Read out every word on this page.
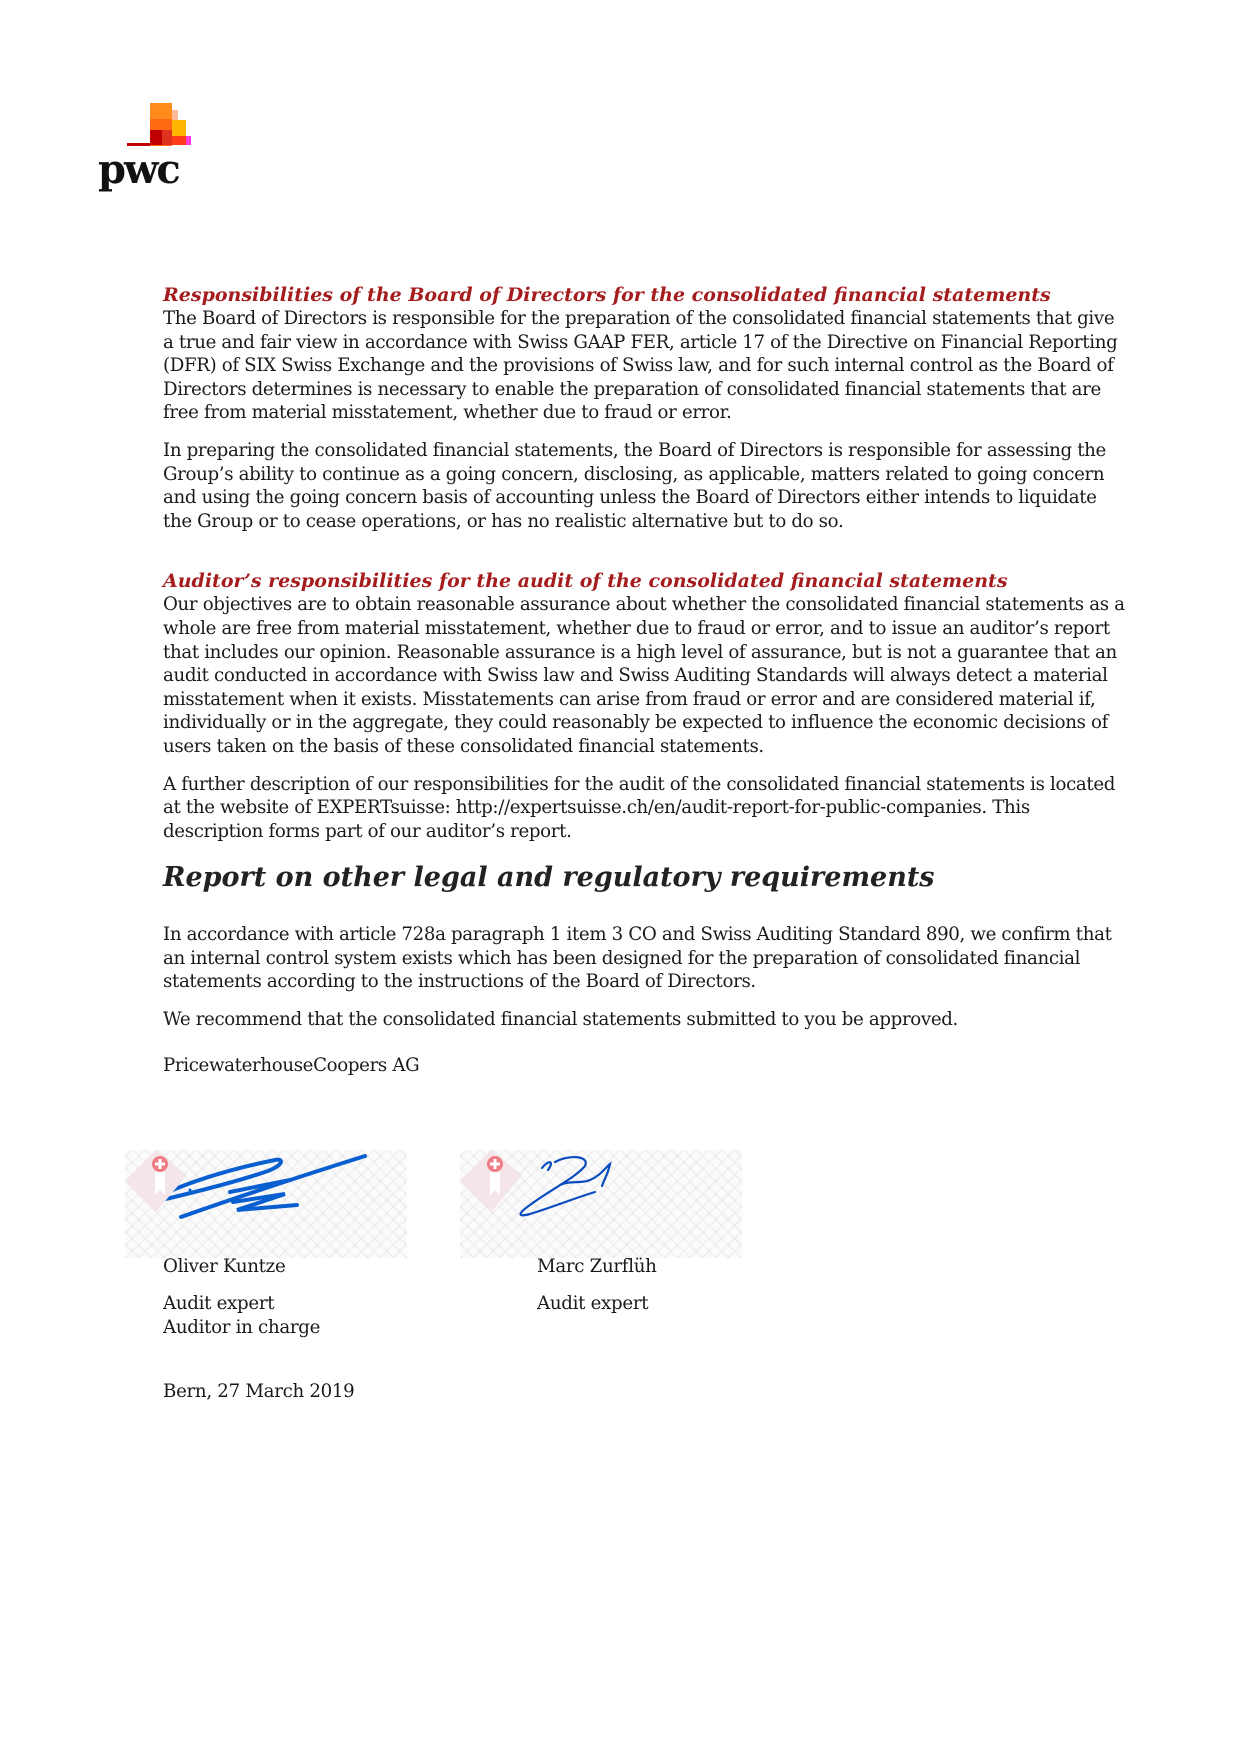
pwc
Responsibilities of the Board of Directors for the consolidated financial statements

The Board of Directors is responsible for the preparation of the consolidated financial statements that give a true and fair view in accordance with Swiss GAAP FER, article 17 of the Directive on Financial Reporting (DFR) of SIX Swiss Exchange and the provisions of Swiss law, and for such internal control as the Board of Directors determines is necessary to enable the preparation of consolidated financial statements that are free from material misstatement, whether due to fraud or error.

In preparing the consolidated financial statements, the Board of Directors is responsible for assessing the Group’s ability to continue as a going concern, disclosing, as applicable, matters related to going concern and using the going concern basis of accounting unless the Board of Directors either intends to liquidate the Group or to cease operations, or has no realistic alternative but to do so.

Auditor’s responsibilities for the audit of the consolidated financial statements

Our objectives are to obtain reasonable assurance about whether the consolidated financial statements as a whole are free from material misstatement, whether due to fraud or error, and to issue an auditor’s report that includes our opinion. Reasonable assurance is a high level of assurance, but is not a guarantee that an audit conducted in accordance with Swiss law and Swiss Auditing Standards will always detect a material misstatement when it exists. Misstatements can arise from fraud or error and are considered material if, individually or in the aggregate, they could reasonably be expected to influence the economic decisions of users taken on the basis of these consolidated financial statements.

A further description of our responsibilities for the audit of the consolidated financial statements is located at the website of EXPERTsuisse: http://expertsuisse.ch/en/audit-report-for-public-companies. This description forms part of our auditor’s report.

Report on other legal and regulatory requirements

In accordance with article 728a paragraph 1 item 3 CO and Swiss Auditing Standard 890, we confirm that an internal control system exists which has been designed for the preparation of consolidated financial statements according to the instructions of the Board of Directors.

We recommend that the consolidated financial statements submitted to you be approved.

PricewaterhouseCoopers AG

Oliver Kuntze
Audit expert
Auditor in charge
Marc Zurflüh
Audit expert
Bern, 27 March 2019
